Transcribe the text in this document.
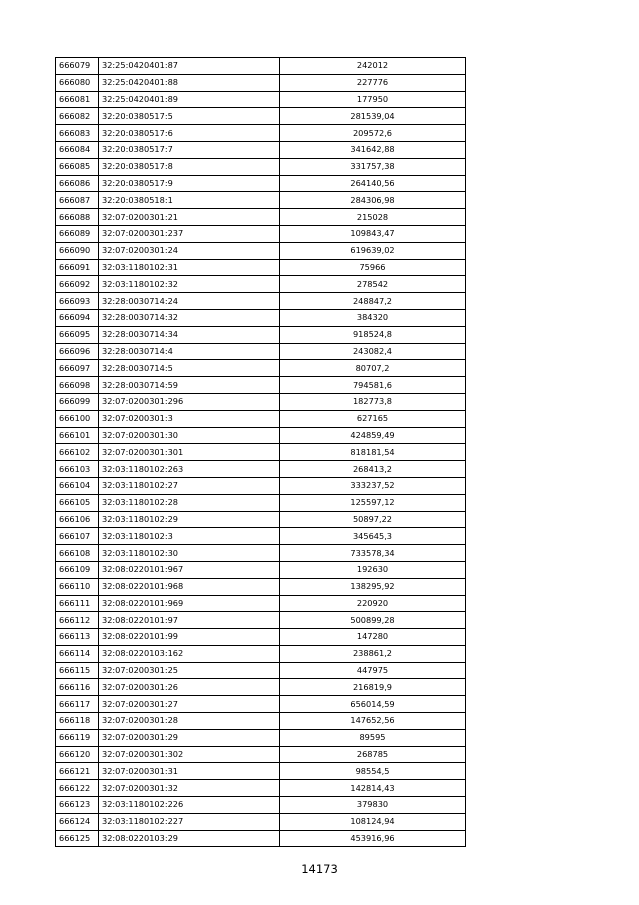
666079	32:25:0420401:87	242012
666080	32:25:0420401:88	227776
666081	32:25:0420401:89	177950
666082	32:20:0380517:5	281539,04
666083	32:20:0380517:6	209572,6
666084	32:20:0380517:7	341642,88
666085	32:20:0380517:8	331757,38
666086	32:20:0380517:9	264140,56
666087	32:20:0380518:1	284306,98
666088	32:07:0200301:21	215028
666089	32:07:0200301:237	109843,47
666090	32:07:0200301:24	619639,02
666091	32:03:1180102:31	75966
666092	32:03:1180102:32	278542
666093	32:28:0030714:24	248847,2
666094	32:28:0030714:32	384320
666095	32:28:0030714:34	918524,8
666096	32:28:0030714:4	243082,4
666097	32:28:0030714:5	80707,2
666098	32:28:0030714:59	794581,6
666099	32:07:0200301:296	182773,8
666100	32:07:0200301:3	627165
666101	32:07:0200301:30	424859,49
666102	32:07:0200301:301	818181,54
666103	32:03:1180102:263	268413,2
666104	32:03:1180102:27	333237,52
666105	32:03:1180102:28	125597,12
666106	32:03:1180102:29	50897,22
666107	32:03:1180102:3	345645,3
666108	32:03:1180102:30	733578,34
666109	32:08:0220101:967	192630
666110	32:08:0220101:968	138295,92
666111	32:08:0220101:969	220920
666112	32:08:0220101:97	500899,28
666113	32:08:0220101:99	147280
666114	32:08:0220103:162	238861,2
666115	32:07:0200301:25	447975
666116	32:07:0200301:26	216819,9
666117	32:07:0200301:27	656014,59
666118	32:07:0200301:28	147652,56
666119	32:07:0200301:29	89595
666120	32:07:0200301:302	268785
666121	32:07:0200301:31	98554,5
666122	32:07:0200301:32	142814,43
666123	32:03:1180102:226	379830
666124	32:03:1180102:227	108124,94
666125	32:08:0220103:29	453916,96
14173
